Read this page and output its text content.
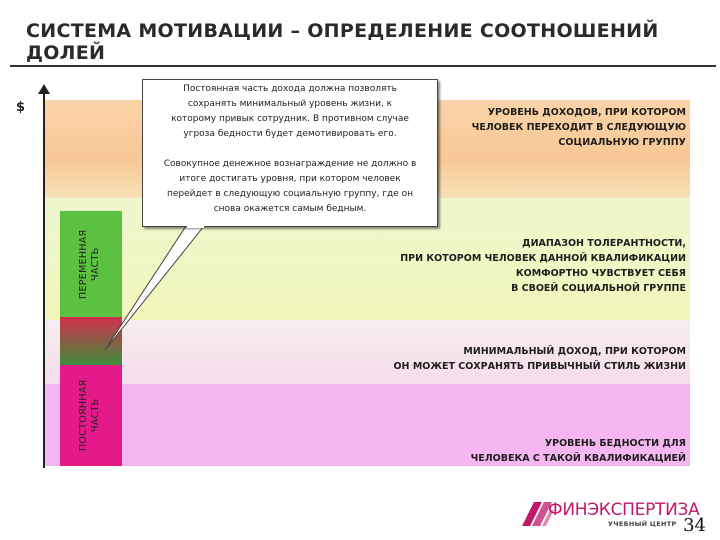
СИСТЕМА МОТИВАЦИИ – ОПРЕДЕЛЕНИЕ СООТНОШЕНИЙ ДОЛЕЙ
УРОВЕНЬ ДОХОДОВ, ПРИ КОТОРОМ
ЧЕЛОВЕК ПЕРЕХОДИТ В СЛЕДУЮЩУЮ
СОЦИАЛЬНУЮ ГРУППУ
ДИАПАЗОН ТОЛЕРАНТНОСТИ,
ПРИ КОТОРОМ ЧЕЛОВЕК ДАННОЙ КВАЛИФИКАЦИИ
КОМФОРТНО ЧУВСТВУЕТ СЕБЯ
В СВОЕЙ СОЦИАЛЬНОЙ ГРУППЕ
МИНИМАЛЬНЫЙ ДОХОД, ПРИ КОТОРОМ
ОН МОЖЕТ СОХРАНЯТЬ ПРИВЫЧНЫЙ СТИЛЬ ЖИЗНИ
УРОВЕНЬ БЕДНОСТИ ДЛЯ
ЧЕЛОВЕКА С ТАКОЙ КВАЛИФИКАЦИЕЙ
$
ПЕРЕМЕННАЯ
ЧАСТЬ
ПОСТОЯННАЯ
ЧАСТЬ

Постоянная часть дохода должна позволять
сохранять минимальный уровень жизни, к
которому привык сотрудник. В противном случае
угроза бедности будет демотивировать его.

Совокупное денежное вознаграждение не должно в
итоге достигать уровня, при котором человек
перейдет в следующую социальную группу, где он
снова окажется самым бедным.

ФИНЭКСПЕРТИЗА
УЧЕБНЫЙ ЦЕНТР 34
